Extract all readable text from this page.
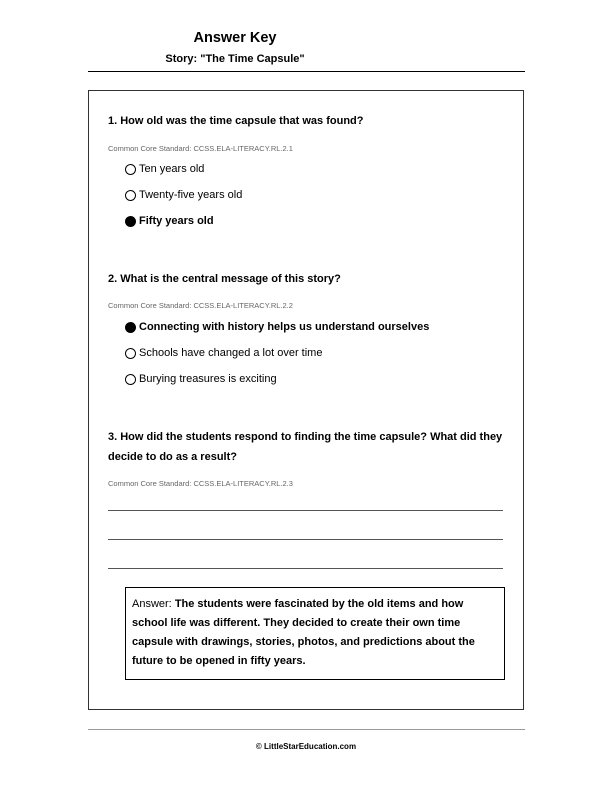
Answer Key
Story: "The Time Capsule"
1. How old was the time capsule that was found?
Common Core Standard: CCSS.ELA-LITERACY.RL.2.1
Ten years old
Twenty-five years old
Fifty years old
2. What is the central message of this story?
Common Core Standard: CCSS.ELA-LITERACY.RL.2.2
Connecting with history helps us understand ourselves
Schools have changed a lot over time
Burying treasures is exciting
3. How did the students respond to finding the time capsule? What did they decide to do as a result?
Common Core Standard: CCSS.ELA-LITERACY.RL.2.3
Answer: The students were fascinated by the old items and how school life was different. They decided to create their own time capsule with drawings, stories, photos, and predictions about the future to be opened in fifty years.
© LittleStarEducation.com
